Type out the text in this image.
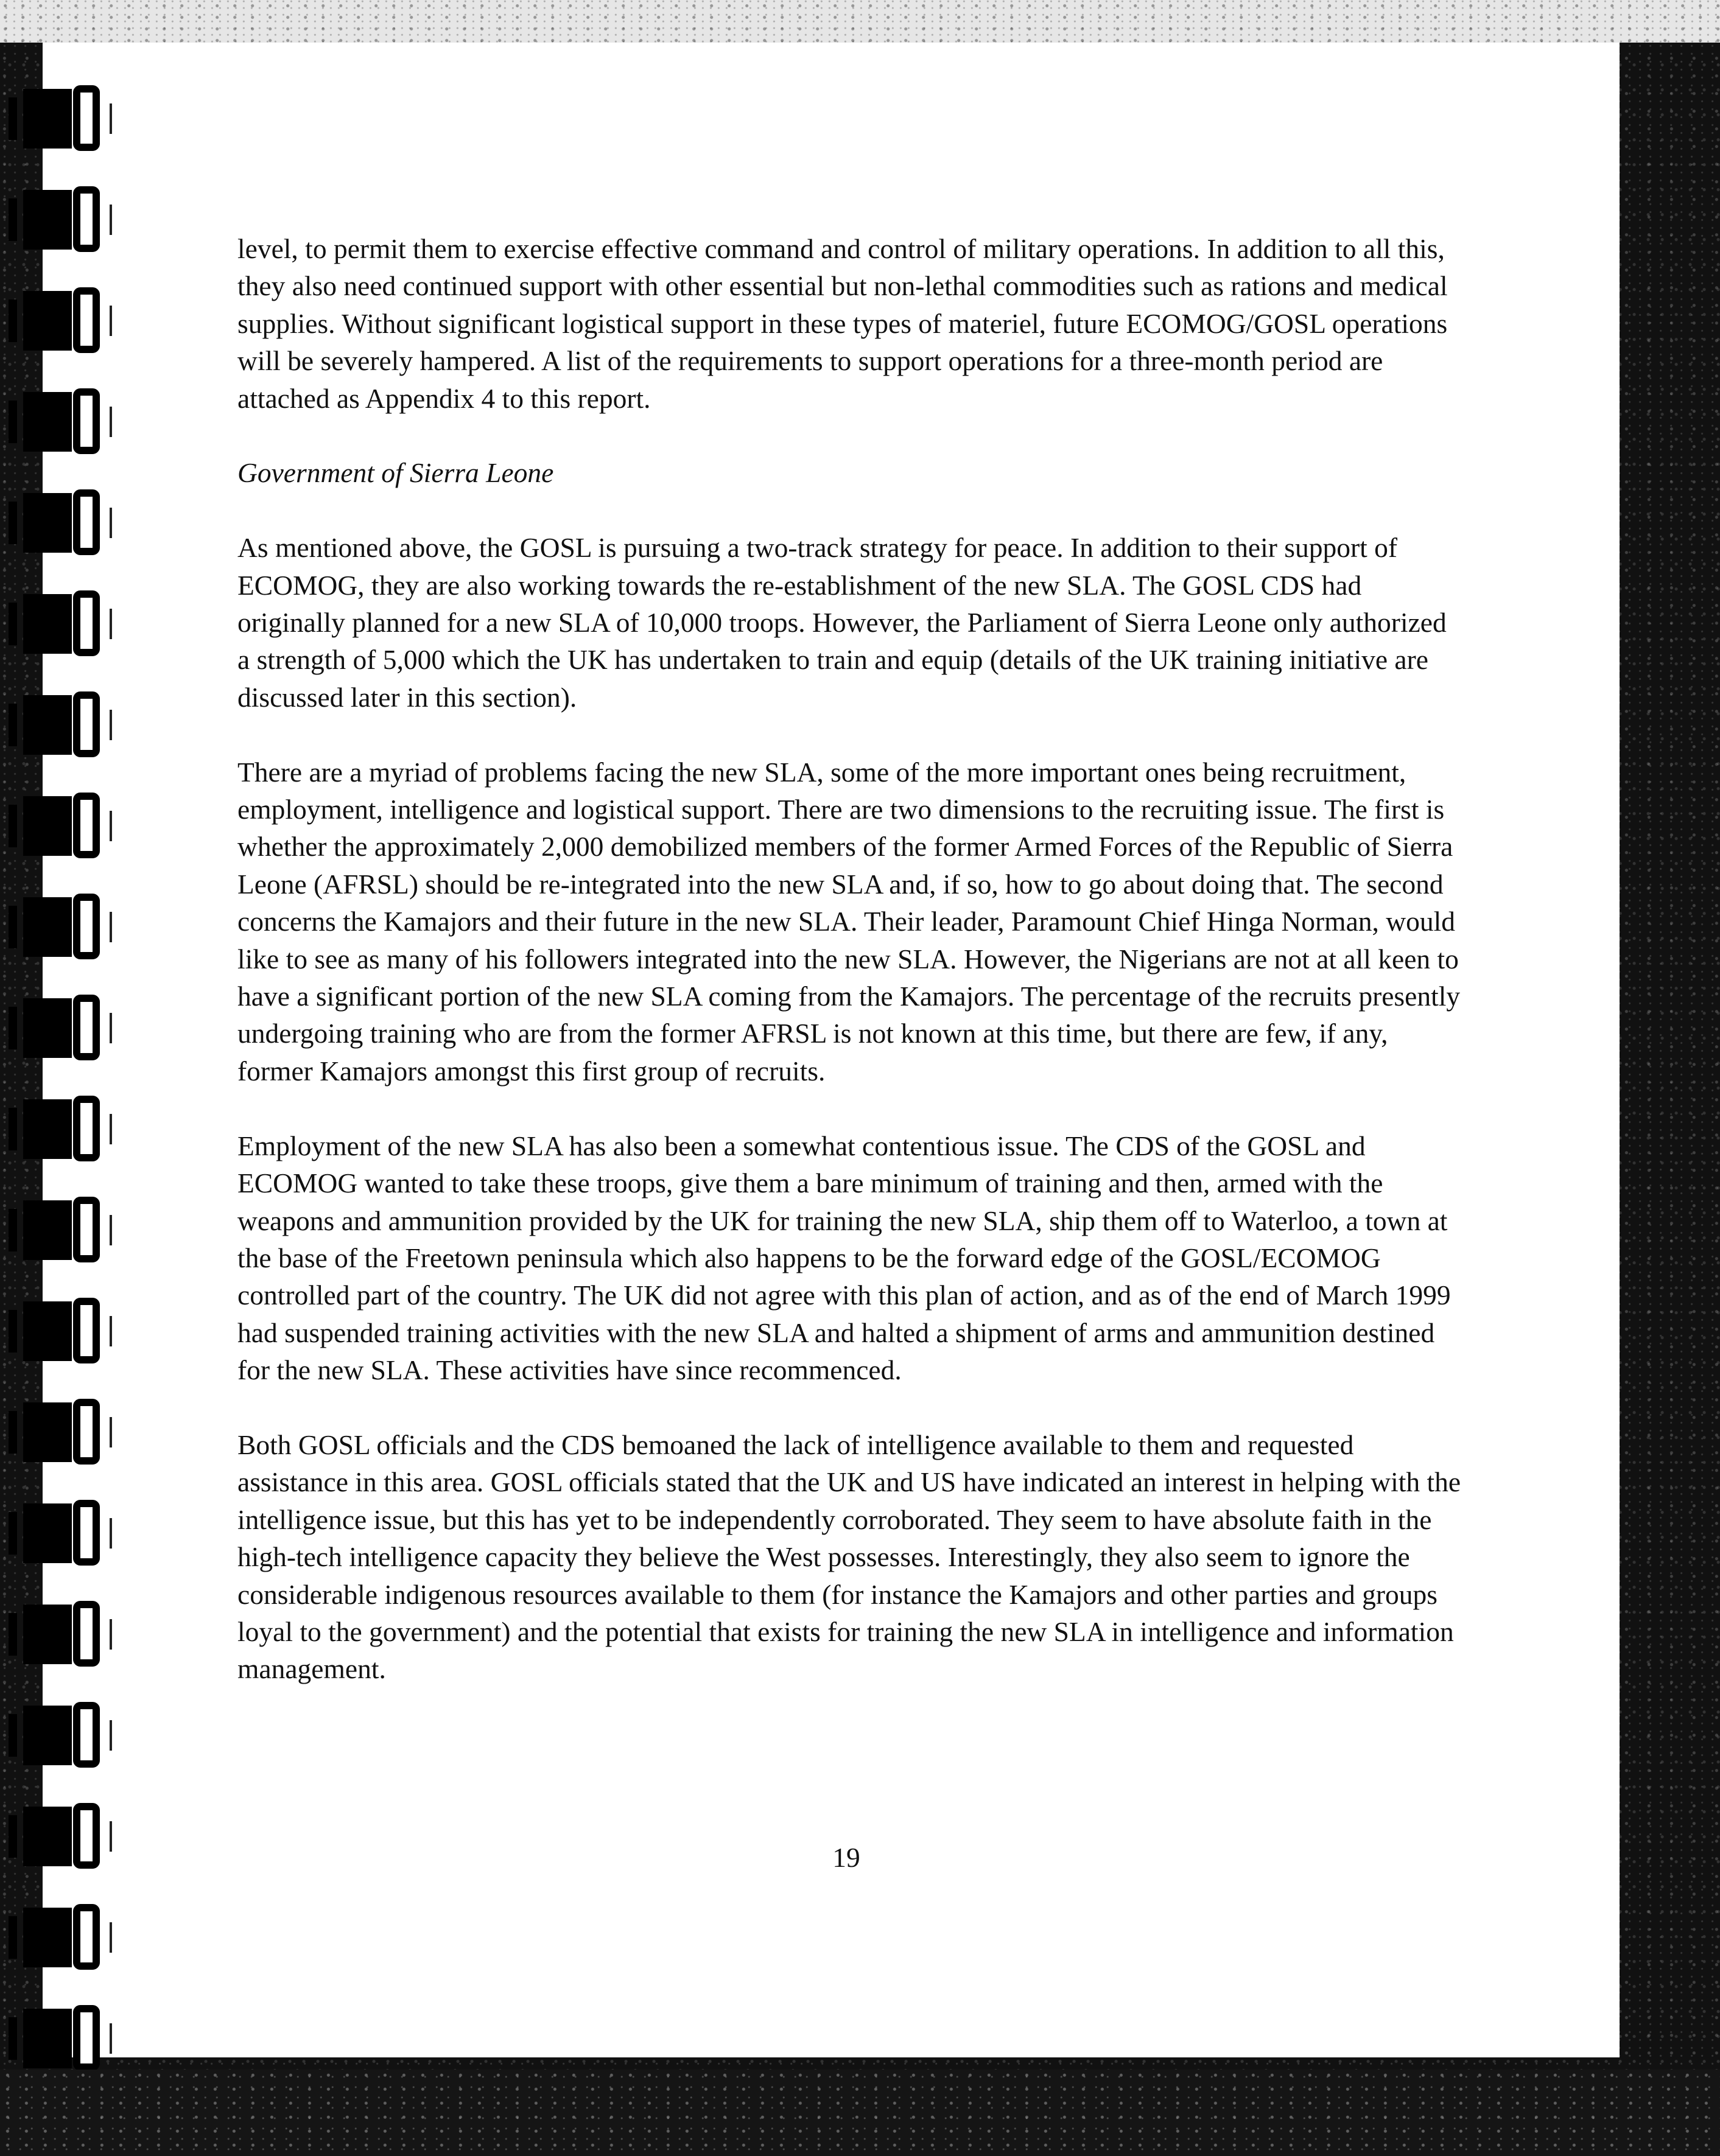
level, to permit them to exercise effective command and control of military operations. In addition to all this, they also need continued support with other essential but non-lethal commodities such as rations and medical supplies. Without significant logistical support in these types of materiel, future ECOMOG/GOSL operations will be severely hampered. A list of the requirements to support operations for a three-month period are attached as Appendix 4 to this report.

Government of Sierra Leone

As mentioned above, the GOSL is pursuing a two-track strategy for peace. In addition to their support of ECOMOG, they are also working towards the re-establishment of the new SLA. The GOSL CDS had originally planned for a new SLA of 10,000 troops. However, the Parliament of Sierra Leone only authorized a strength of 5,000 which the UK has undertaken to train and equip (details of the UK training initiative are discussed later in this section).

There are a myriad of problems facing the new SLA, some of the more important ones being recruitment, employment, intelligence and logistical support. There are two dimensions to the recruiting issue. The first is whether the approximately 2,000 demobilized members of the former Armed Forces of the Republic of Sierra Leone (AFRSL) should be re-integrated into the new SLA and, if so, how to go about doing that. The second concerns the Kamajors and their future in the new SLA. Their leader, Paramount Chief Hinga Norman, would like to see as many of his followers integrated into the new SLA. However, the Nigerians are not at all keen to have a significant portion of the new SLA coming from the Kamajors. The percentage of the recruits presently undergoing training who are from the former AFRSL is not known at this time, but there are few, if any, former Kamajors amongst this first group of recruits.

Employment of the new SLA has also been a somewhat contentious issue. The CDS of the GOSL and ECOMOG wanted to take these troops, give them a bare minimum of training and then, armed with the weapons and ammunition provided by the UK for training the new SLA, ship them off to Waterloo, a town at the base of the Freetown peninsula which also happens to be the forward edge of the GOSL/ECOMOG controlled part of the country. The UK did not agree with this plan of action, and as of the end of March 1999 had suspended training activities with the new SLA and halted a shipment of arms and ammunition destined for the new SLA. These activities have since recommenced.

Both GOSL officials and the CDS bemoaned the lack of intelligence available to them and requested assistance in this area. GOSL officials stated that the UK and US have indicated an interest in helping with the intelligence issue, but this has yet to be independently corroborated. They seem to have absolute faith in the high-tech intelligence capacity they believe the West possesses. Interestingly, they also seem to ignore the considerable indigenous resources available to them (for instance the Kamajors and other parties and groups loyal to the government) and the potential that exists for training the new SLA in intelligence and information management.

19
